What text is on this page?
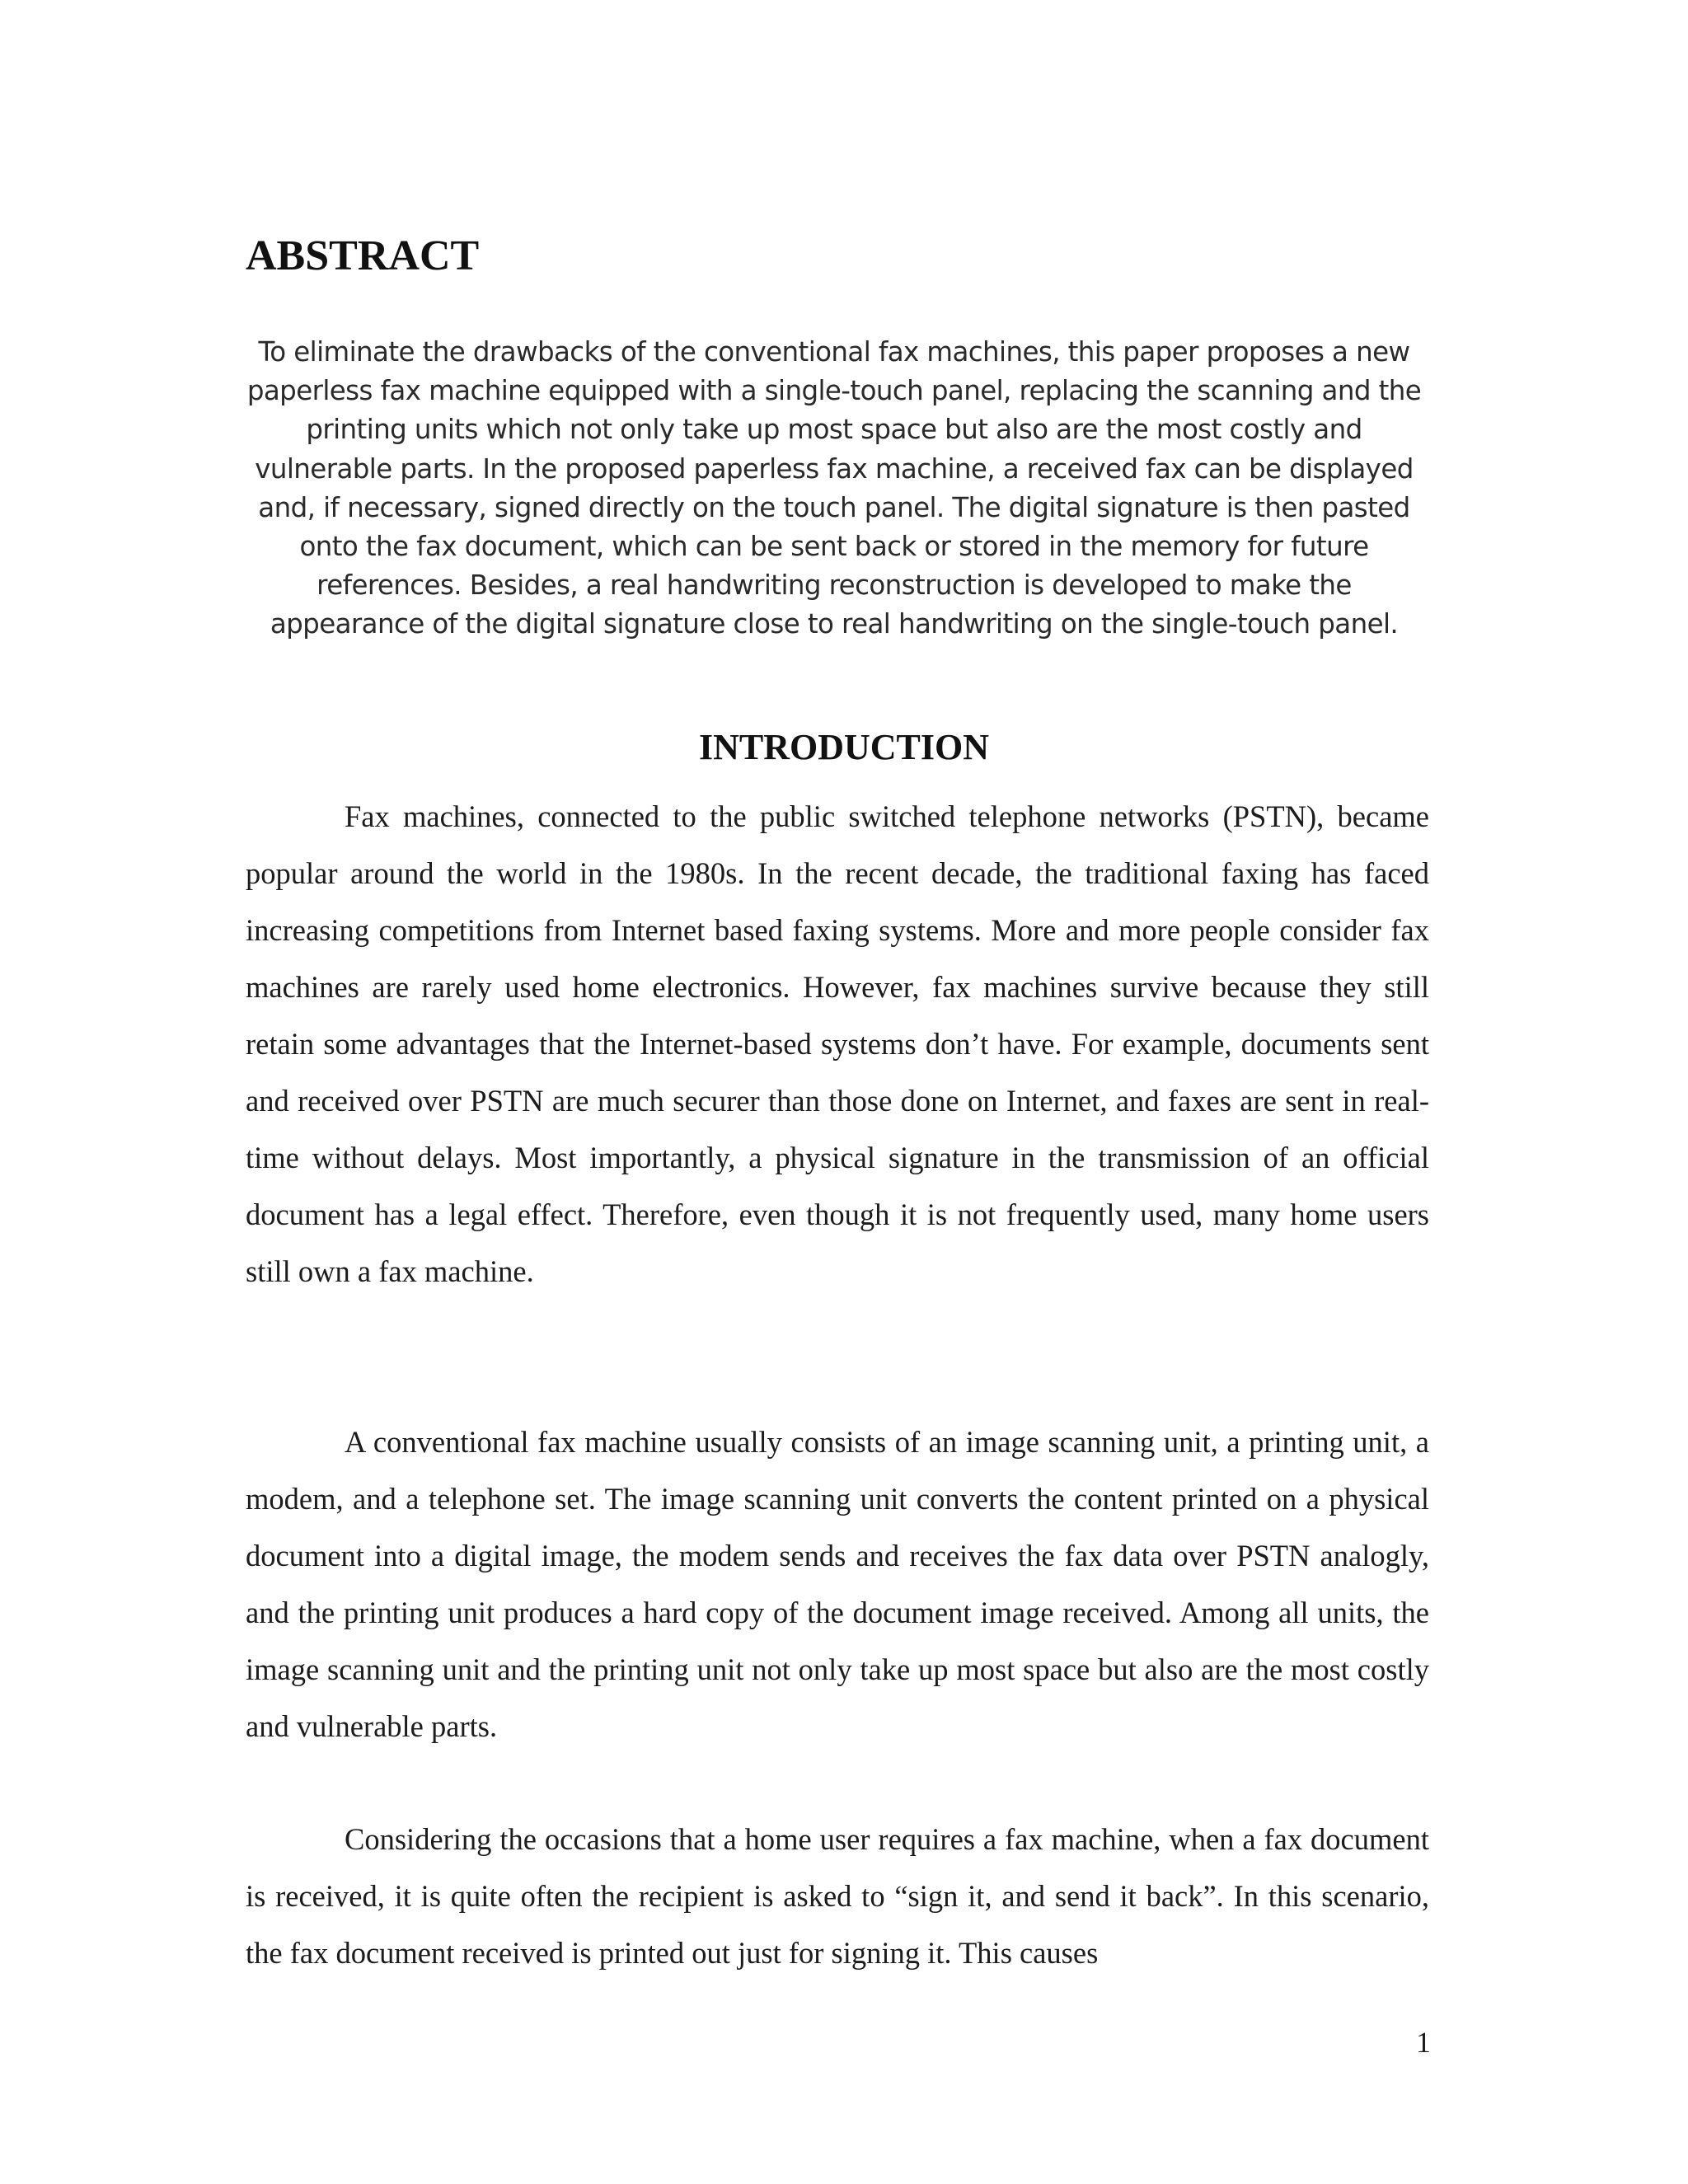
ABSTRACT

To eliminate the drawbacks of the conventional fax machines, this paper proposes a new paperless fax machine equipped with a single-touch panel, replacing the scanning and the printing units which not only take up most space but also are the most costly and vulnerable parts. In the proposed paperless fax machine, a received fax can be displayed and, if necessary, signed directly on the touch panel. The digital signature is then pasted onto the fax document, which can be sent back or stored in the memory for future references. Besides, a real handwriting reconstruction is developed to make the appearance of the digital signature close to real handwriting on the single-touch panel.

INTRODUCTION

Fax machines, connected to the public switched telephone networks (PSTN), became popular around the world in the 1980s. In the recent decade, the traditional faxing has faced increasing competitions from Internet based faxing systems. More and more people consider fax machines are rarely used home electronics. However, fax machines survive because they still retain some advantages that the Internet-based systems don’t have. For example, documents sent and received over PSTN are much securer than those done on Internet, and faxes are sent in real-time without delays. Most importantly, a physical signature in the transmission of an official document has a legal effect. Therefore, even though it is not frequently used, many home users still own a fax machine.

A conventional fax machine usually consists of an image scanning unit, a printing unit, a modem, and a telephone set. The image scanning unit converts the content printed on a physical document into a digital image, the modem sends and receives the fax data over PSTN analogly, and the printing unit produces a hard copy of the document image received. Among all units, the image scanning unit and the printing unit not only take up most space but also are the most costly and vulnerable parts.

Considering the occasions that a home user requires a fax machine, when a fax document is received, it is quite often the recipient is asked to “sign it, and send it back”. In this scenario, the fax document received is printed out just for signing it. This causes

1
